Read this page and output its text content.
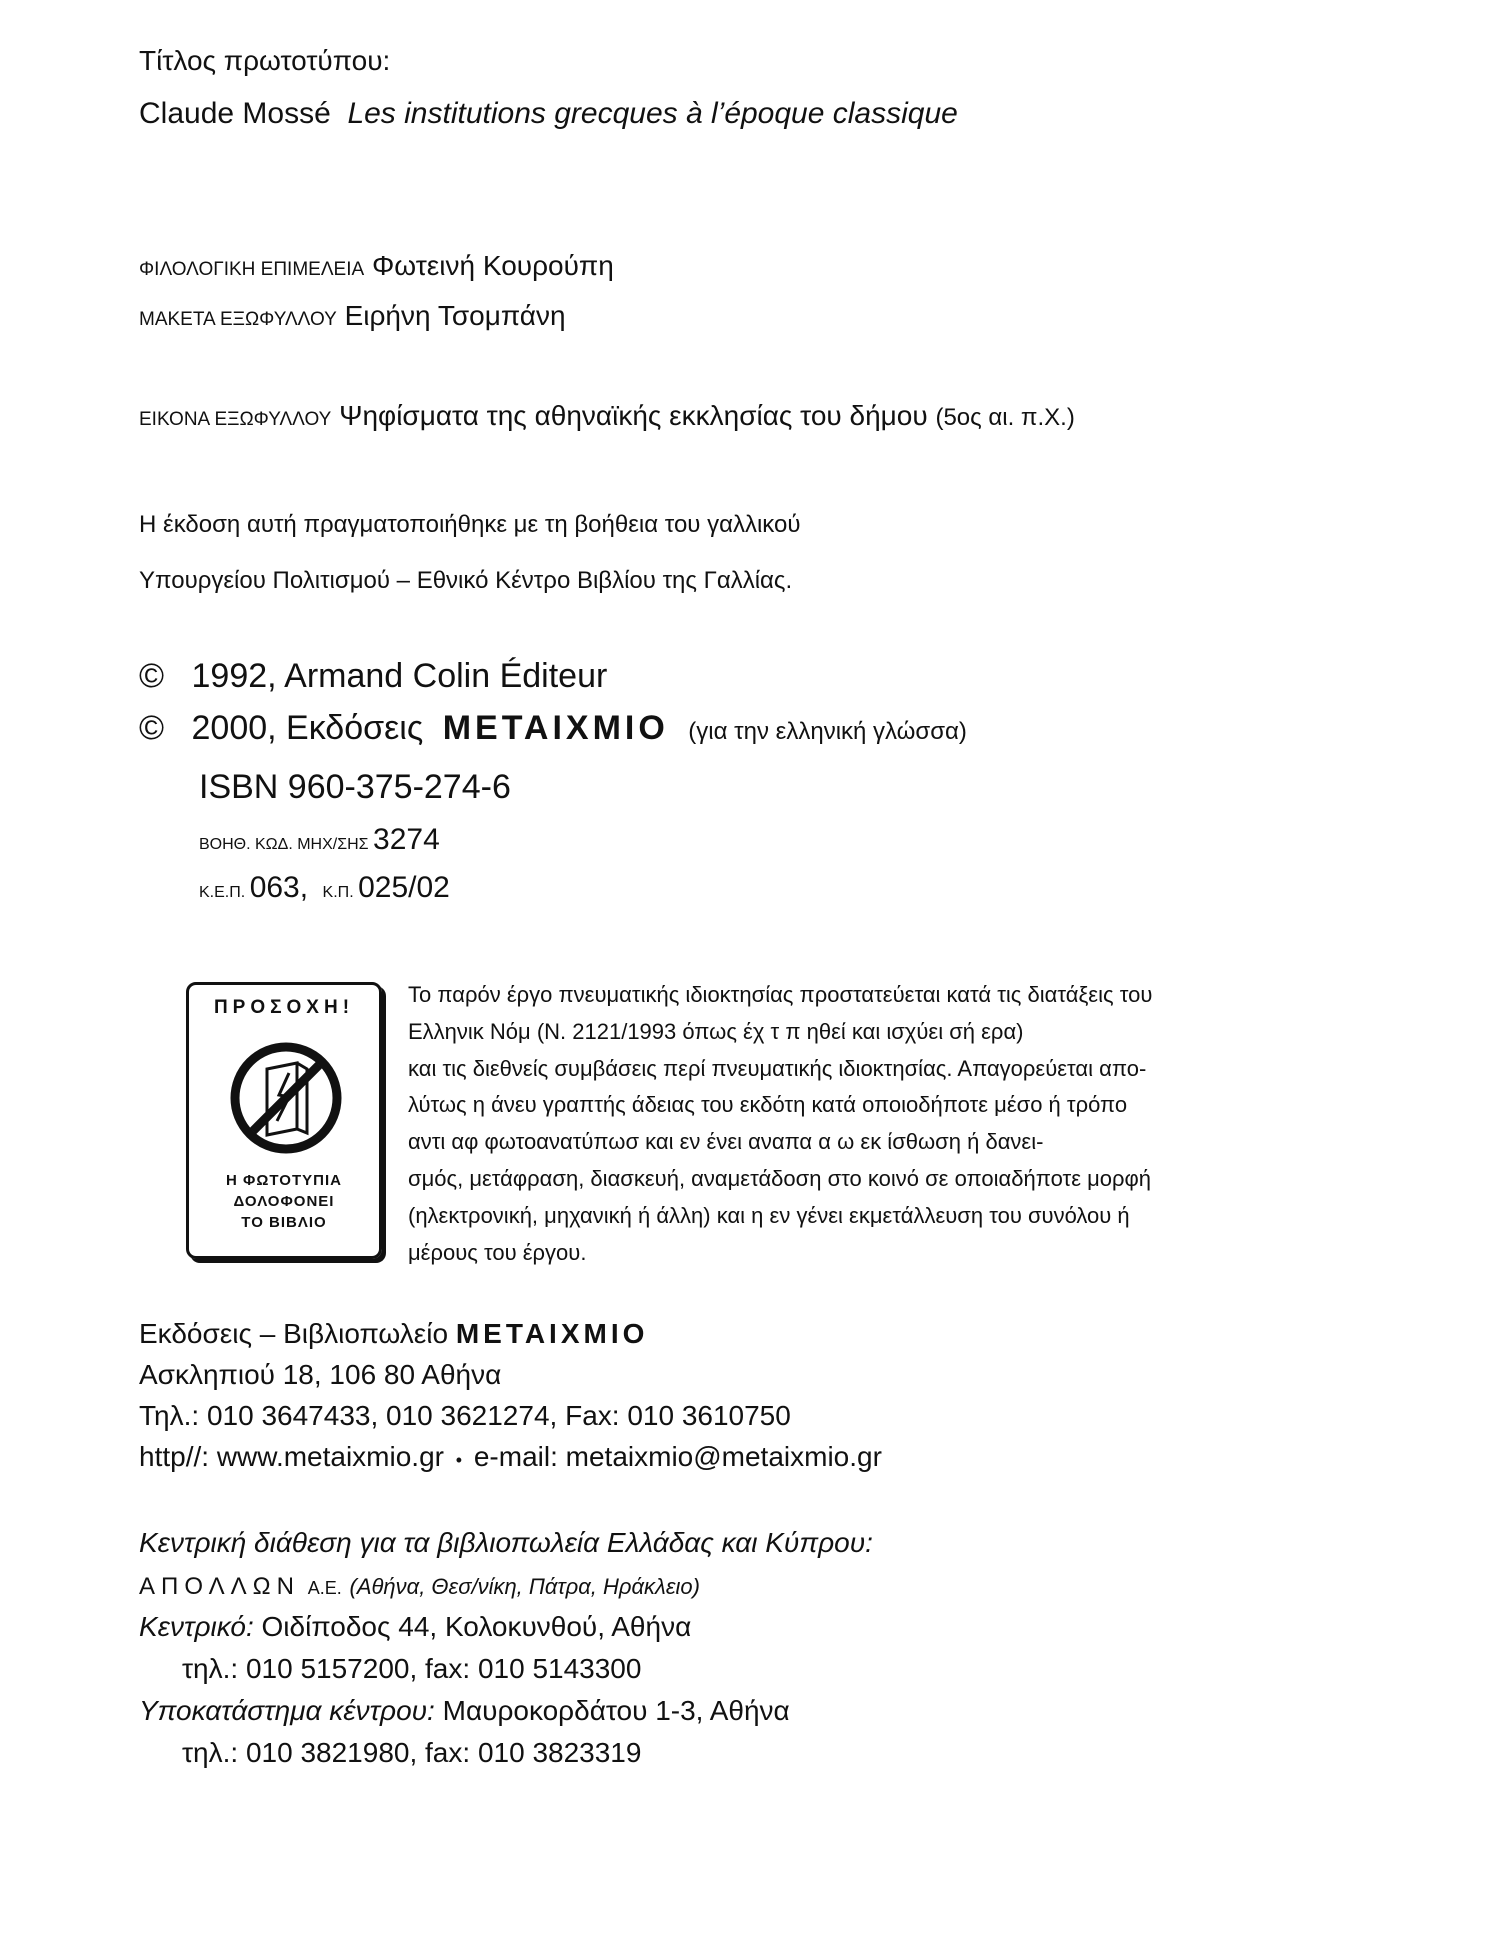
Τίτλος πρωτοτύπου:
Claude Mossé Les institutions grecques à l’époque classique
ΦΙΛΟΛΟΓΙΚΗ ΕΠΙΜΕΛΕΙΑ Φωτεινή Κουρούπη
ΜΑΚΕΤΑ ΕΞΩΦΥΛΛΟΥ Ειρήνη Τσομπάνη
ΕΙΚΟΝΑ ΕΞΩΦΥΛΛΟΥ Ψηφίσματα της αθηναϊκής εκκλησίας του δήμου (5ος αι. π.Χ.)
Η έκδοση αυτή πραγματοποιήθηκε με τη βοήθεια του γαλλικού
Υπουργείου Πολιτισμού – Εθνικό Κέντρο Βιβλίου της Γαλλίας.
© 1992, Armand Colin Éditeur
© 2000, Εκδόσεις METAIXMIO (για την ελληνική γλώσσα)
ISBN 960-375-274-6
ΒΟΗΘ. ΚΩΔ. ΜΗΧ/ΣΗΣ 3274
Κ.Ε.Π. 063, Κ.Π. 025/02
ΠΡΟΣΟΧΗ!
Η ΦΩΤΟΤΥΠΙΑ
ΔΟΛΟΦΟΝΕΙ
ΤΟ ΒΙΒΛΙΟ
Το παρόν έργο πνευματικής ιδιοκτησίας προστατεύεται κατά τις διατάξεις του
Ελληνικ Νόμ (Ν. 2121/1993 όπως έχ τ π ηθεί και ισχύει σή ερα)
και τις διεθνείς συμβάσεις περί πνευματικής ιδιοκτησίας. Απαγορεύεται απο-
λύτως η άνευ γραπτής άδειας του εκδότη κατά οποιοδήποτε μέσο ή τρόπο
αντι αφ φωτοανατύπωσ και εν ένει αναπα α ω εκ ίσθωση ή δανει-
σμός, μετάφραση, διασκευή, αναμετάδοση στο κοινό σε οποιαδήποτε μορφή
(ηλεκτρονική, μηχανική ή άλλη) και η εν γένει εκμετάλλευση του συνόλου ή
μέρους του έργου.
Εκδόσεις – Βιβλιοπωλείο METAIXMIO
Ασκληπιού 18, 106 80 Αθήνα
Τηλ.: 010 3647433, 010 3621274, Fax: 010 3610750
http//: www.metaixmio.gr • e-mail: metaixmio@metaixmio.gr
Κεντρική διάθεση για τα βιβλιοπωλεία Ελλάδας και Κύπρου:
ΑΠΟΛΛΩΝ Α.Ε. (Αθήνα, Θεσ/νίκη, Πάτρα, Ηράκλειο)
Κεντρικό: Οιδίποδος 44, Κολοκυνθού, Αθήνα
τηλ.: 010 5157200, fax: 010 5143300
Υποκατάστημα κέντρου: Μαυροκορδάτου 1-3, Αθήνα
τηλ.: 010 3821980, fax: 010 3823319
